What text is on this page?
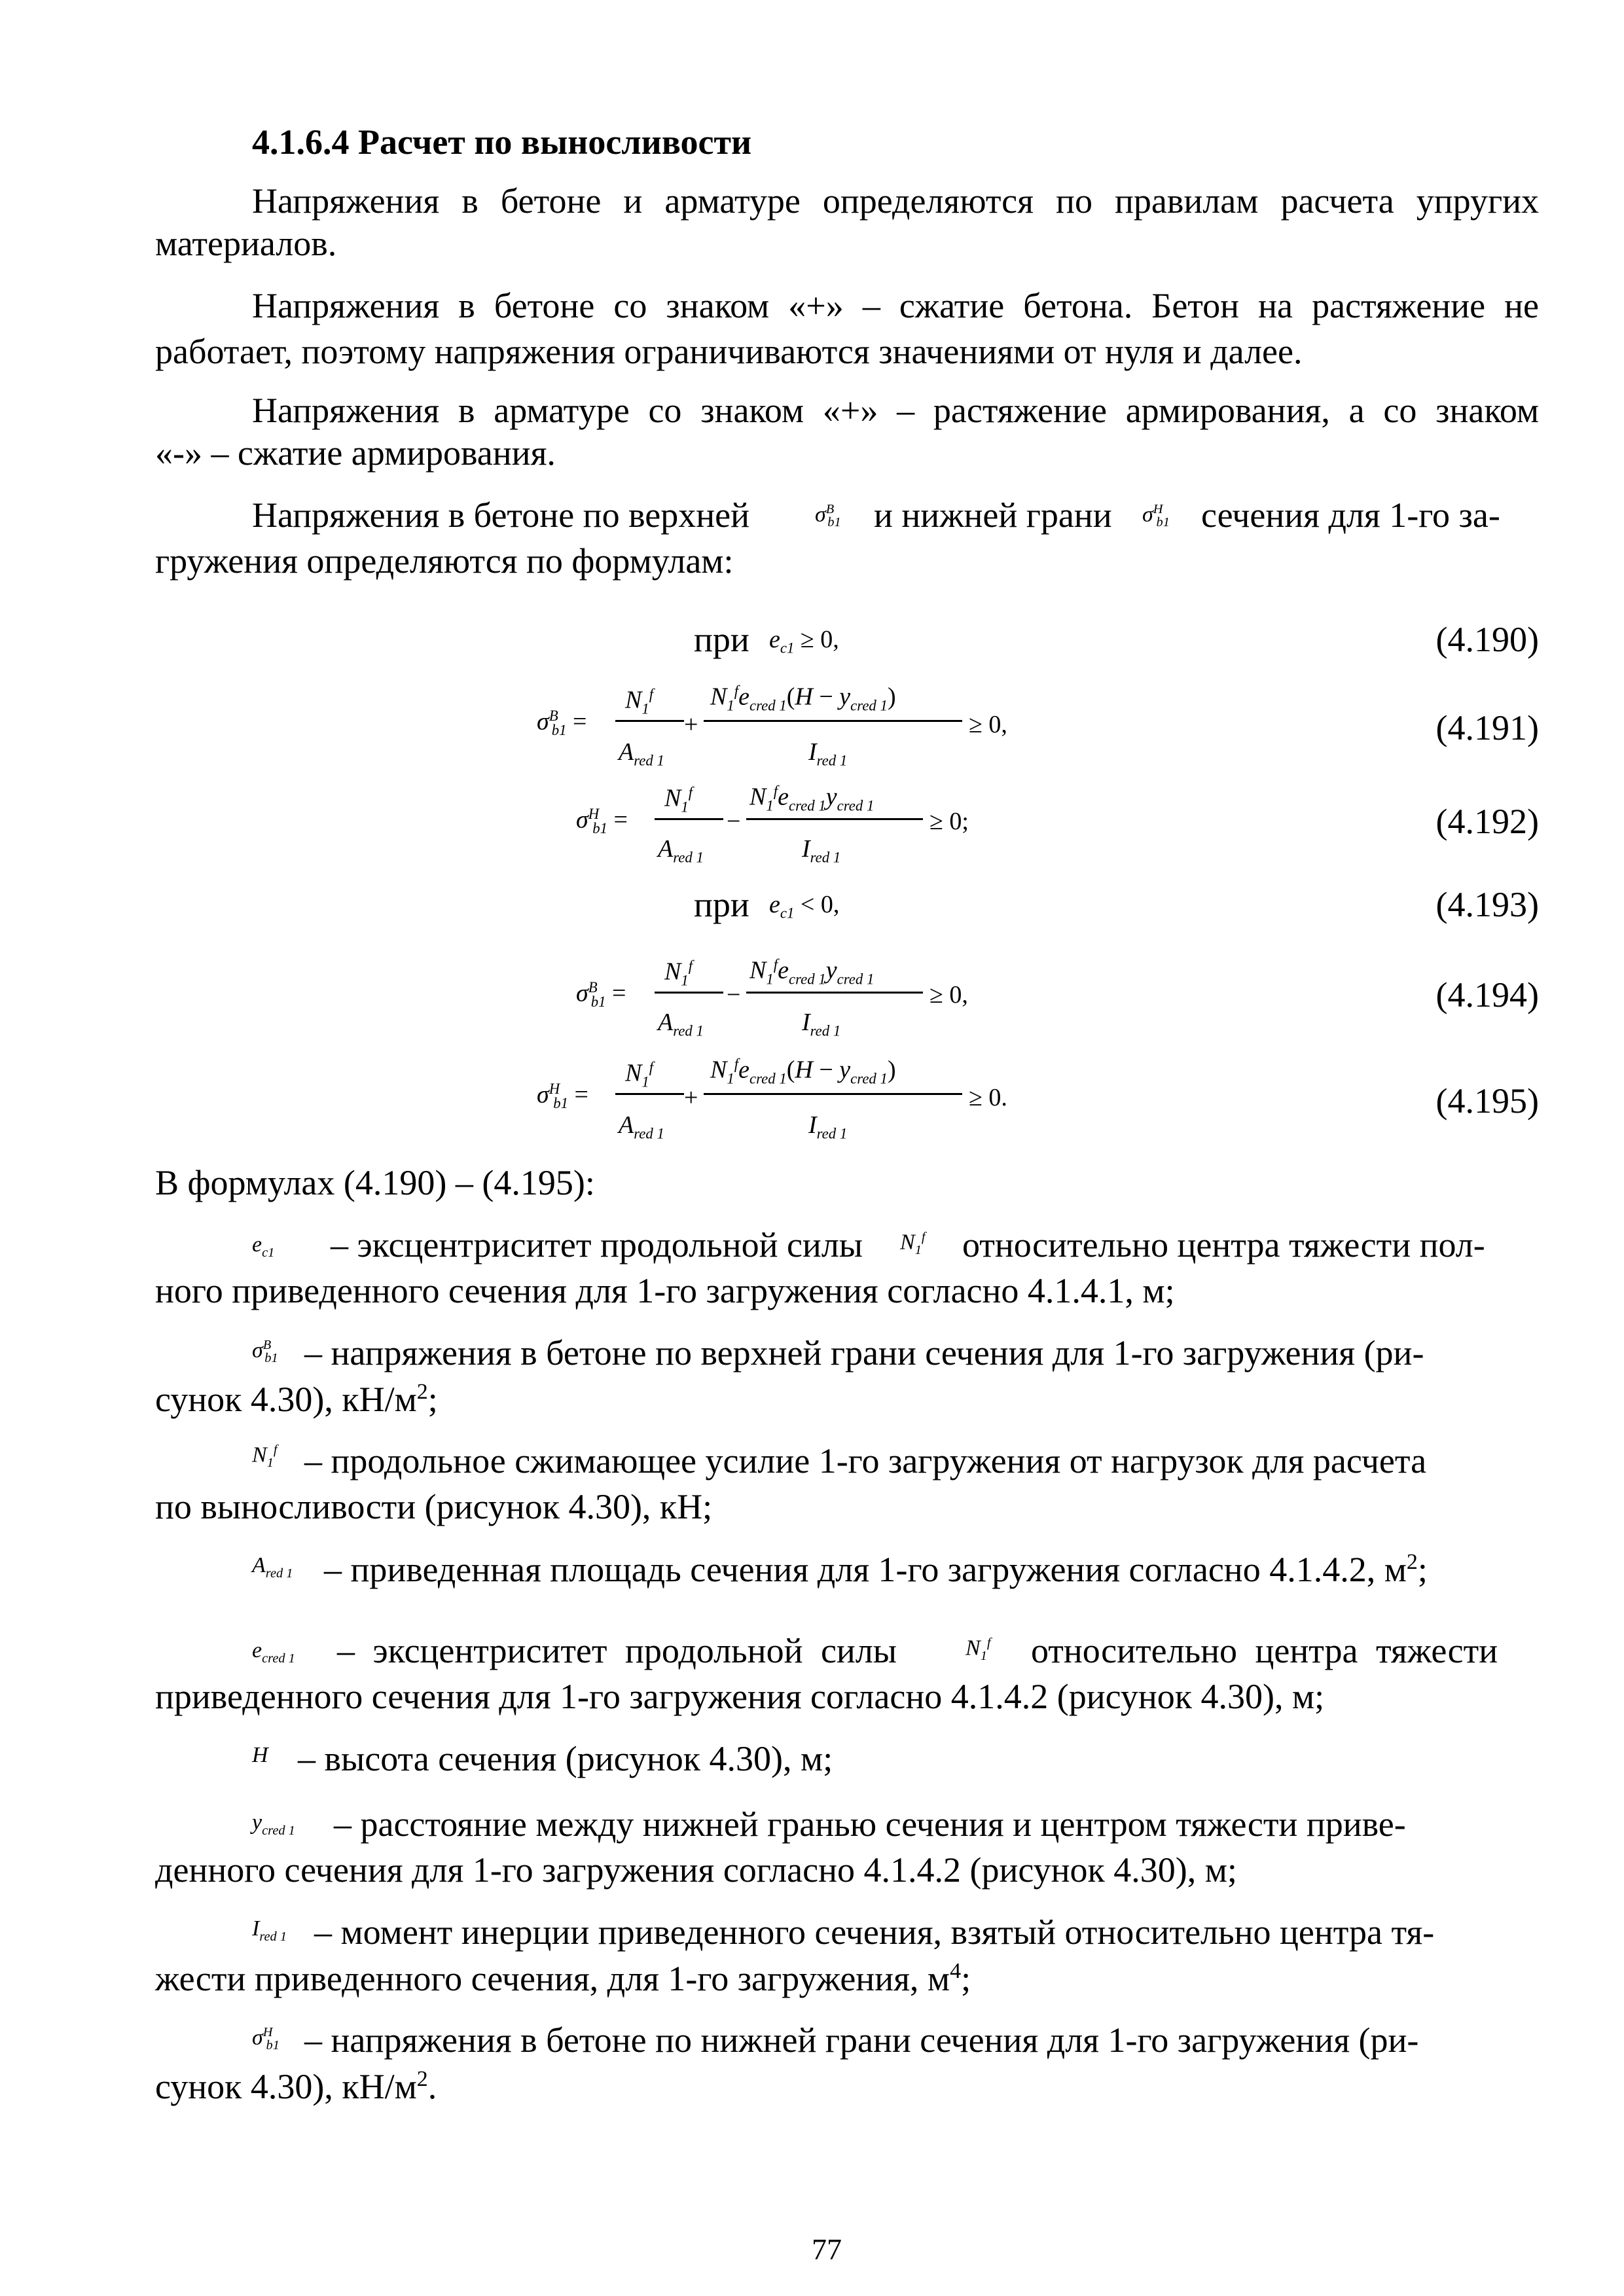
4.1.6.4 Расчет по выносливости
Напряжения в бетоне и арматуре определяются по правилам расчета упругих
материалов.
Напряжения в бетоне со знаком «+» – сжатие бетона. Бетон на растяжение не
работает, поэтому напряжения ограничиваются значениями от нуля и далее.
Напряжения в арматуре со знаком «+» – растяжение армирования, а со знаком
«-» – сжатие армирования.
Напряжения в бетоне по верхней	$\sigma^B_{b1}$ и нижней грани $\sigma^H_{b1}$ сечения для 1-го за-
гружения определяются по формулам:
при $e_{c1} \ge 0$,	(4.190)
$\sigma^B_{b1}$ =
$N_1^f$
$A_{red 1}$
+
$N_1^fe_{cred 1}(H - y_{cred 1})$
$I_{red 1}$
≥ 0,	(4.191)
$\sigma^H_{b1}$ =
$N_1^f$
$A_{red 1}$
−
$N_1^fe_{cred 1}y_{cred 1}$
$I_{red 1}$
≥ 0;	(4.192)
при $e_{c1} < 0$,	(4.193)
$\sigma^B_{b1}$ =
$N_1^f$
$A_{red 1}$
−
$N_1^fe_{cred 1}y_{cred 1}$
$I_{red 1}$
≥ 0,	(4.194)
$\sigma^H_{b1}$ =
$N_1^f$
$A_{red 1}$
+
$N_1^fe_{cred 1}(H - y_{cred 1})$
$I_{red 1}$
≥ 0.	(4.195)
В формулах (4.190) – (4.195):
$e_{c1}$ – эксцентриситет продольной силы $N_1^f$ относительно центра тяжести пол-
ного приведенного сечения для 1-го загружения согласно 4.1.4.1, м;
$\sigma^B_{b1}$ – напряжения в бетоне по верхней грани сечения для 1-го загружения (ри-
сунок 4.30), $кН/м^2$;
$N_1^f$ – продольное сжимающее усилие 1-го загружения от нагрузок для расчета
по выносливости (рисунок 4.30), кН;
$A_{red 1}$ – приведенная площадь сечения для 1-го загружения согласно 4.1.4.2, $м^2$;
$e_{cred 1}$ – эксцентриситет продольной силы	$N_1^f$ относительно центра тяжести
приведенного сечения для 1-го загружения согласно 4.1.4.2 (рисунок 4.30), м;
H – высота сечения (рисунок 4.30), м;
$y_{cred 1}$ – расстояние между нижней гранью сечения и центром тяжести приве-
денного сечения для 1-го загружения согласно 4.1.4.2 (рисунок 4.30), м;
$I_{red 1}$ – момент инерции приведенного сечения, взятый относительно центра тя-
жести приведенного сечения, для 1-го загружения, $м^4$;
$\sigma^H_{b1}$ – напряжения в бетоне по нижней грани сечения для 1-го загружения (ри-
сунок 4.30), $кН/м^2$.
77
